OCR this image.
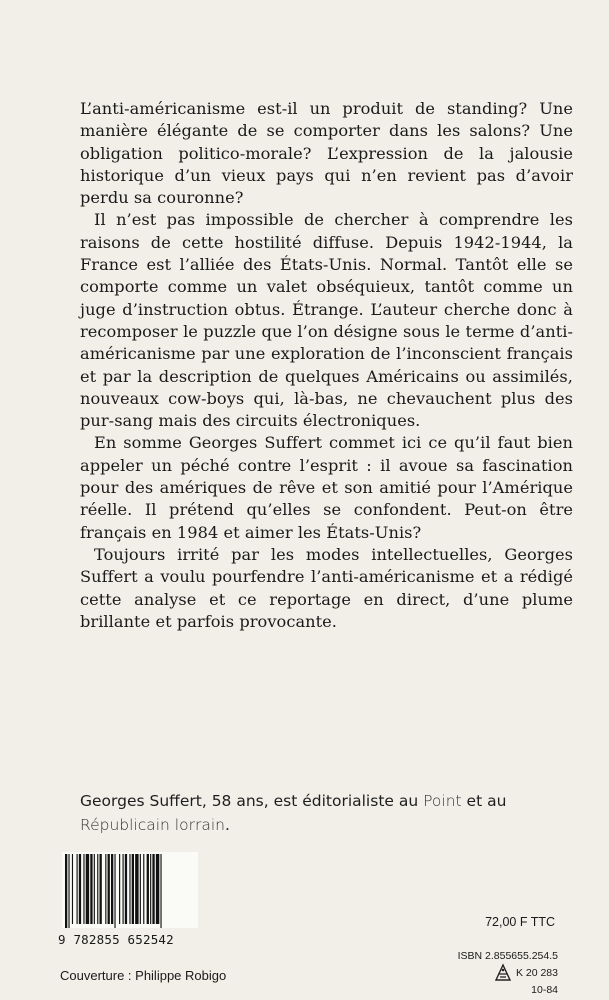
L’anti-américanisme est-il un produit de standing? Une manière élégante de se comporter dans les salons? Une obligation politico-morale? L’expression de la jalousie historique d’un vieux pays qui n’en revient pas d’avoir perdu sa couronne?

Il n’est pas impossible de chercher à comprendre les raisons de cette hostilité diffuse. Depuis 1942-1944, la France est l’alliée des États-Unis. Normal. Tantôt elle se comporte comme un valet obséquieux, tantôt comme un juge d’instruction obtus. Étrange. L’auteur cherche donc à recomposer le puzzle que l’on désigne sous le terme d’anti-américanisme par une exploration de l’inconscient français et par la description de quelques Américains ou assimilés, nouveaux cow-boys qui, là-bas, ne chevauchent plus des pur-sang mais des circuits électroniques.

En somme Georges Suffert commet ici ce qu’il faut bien appeler un péché contre l’esprit : il avoue sa fascination pour des amériques de rêve et son amitié pour l’Amérique réelle. Il prétend qu’elles se confondent. Peut-on être français en 1984 et aimer les États-Unis?

Toujours irrité par les modes intellectuelles, Georges Suffert a voulu pourfendre l’anti-américanisme et a rédigé cette analyse et ce reportage en direct, d’une plume brillante et parfois provocante.

Georges Suffert, 58 ans, est éditorialiste au Point et au Républicain lorrain.
9 782855 652542
72,00 F TTC
ISBN 2.855655.254.5
K 20 283
10-84
Couverture : Philippe Robigo
